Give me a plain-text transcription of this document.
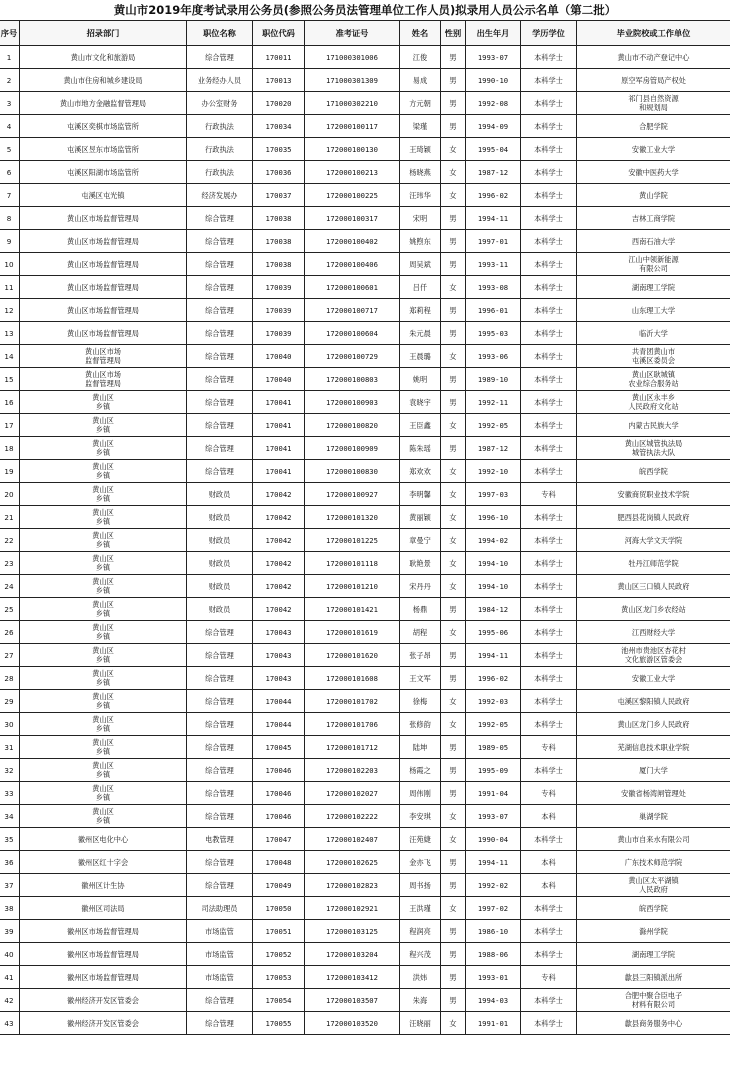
黄山市2019年度考试录用公务员(参照公务员法管理单位工作人员)拟录用人员公示名单（第二批）
序号	招录部门	职位名称	职位代码	准考证号	姓名	性别	出生年月	学历学位	毕业院校或工作单位
1	黄山市文化和旅游局	综合管理	170011	171000301006	江俊	男	1993-07	本科学士	黄山市不动产登记中心
2	黄山市住房和城乡建设局	业务经办人员	170013	171000301309	易成	男	1990-10	本科学士	原空军房管局产权处
3	黄山市地方金融监督管理局	办公室财务	170020	171000302210	方元朝	男	1992-08	本科学士	祁门县自然资源
和规划局
4	屯溪区奕棋市场监管所	行政执法	170034	172000100117	梁瑾	男	1994-09	本科学士	合肥学院
5	屯溪区昱东市场监管所	行政执法	170035	172000100130	王琦颖	女	1995-04	本科学士	安徽工业大学
6	屯溪区阳湖市场监管所	行政执法	170036	172000100213	杨晓燕	女	1987-12	本科学士	安徽中医药大学
7	屯溪区屯光镇	经济发展办	170037	172000100225	汪玮华	女	1996-02	本科学士	黄山学院
8	黄山区市场监督管理局	综合管理	170038	172000100317	宋明	男	1994-11	本科学士	吉林工商学院
9	黄山区市场监督管理局	综合管理	170038	172000100402	姚煦东	男	1997-01	本科学士	西南石油大学
10	黄山区市场监督管理局	综合管理	170038	172000100406	周吴斌	男	1993-11	本科学士	江山中领新能源
有限公司
11	黄山区市场监督管理局	综合管理	170039	172000100601	吕仟	女	1993-08	本科学士	湖南理工学院
12	黄山区市场监督管理局	综合管理	170039	172000100717	郑莉程	男	1996-01	本科学士	山东理工大学
13	黄山区市场监督管理局	综合管理	170039	172000100604	朱元晨	男	1995-03	本科学士	临沂大学
14	黄山区市场
监督管理局	综合管理	170040	172000100729	王晨璐	女	1993-06	本科学士	共青团黄山市
屯溪区委员会
15	黄山区市场
监督管理局	综合管理	170040	172000100803	姚明	男	1989-10	本科学士	黄山区耿城镇
农业综合服务站
16	黄山区
乡镇	综合管理	170041	172000100903	袁晓宇	男	1992-11	本科学士	黄山区永丰乡
人民政府文化站
17	黄山区
乡镇	综合管理	170041	172000100820	王臣鑫	女	1992-05	本科学士	内蒙古民族大学
18	黄山区
乡镇	综合管理	170041	172000100909	陈朱瑶	男	1987-12	本科学士	黄山区城管执法局
城管执法大队
19	黄山区
乡镇	综合管理	170041	172000100830	郑欢欢	女	1992-10	本科学士	皖西学院
20	黄山区
乡镇	财政员	170042	172000100927	李明馨	女	1997-03	专科	安徽商贸职业技术学院
21	黄山区
乡镇	财政员	170042	172000101320	黄丽颖	女	1996-10	本科学士	肥西县花岗镇人民政府
22	黄山区
乡镇	财政员	170042	172000101225	章曼宁	女	1994-02	本科学士	河海大学文天学院
23	黄山区
乡镇	财政员	170042	172000101118	耿艳景	女	1994-10	本科学士	牡丹江师范学院
24	黄山区
乡镇	财政员	170042	172000101210	宋丹丹	女	1994-10	本科学士	黄山区三口镇人民政府
25	黄山区
乡镇	财政员	170042	172000101421	杨鼎	男	1984-12	本科学士	黄山区龙门乡农经站
26	黄山区
乡镇	综合管理	170043	172000101619	胡程	女	1995-06	本科学士	江西财经大学
27	黄山区
乡镇	综合管理	170043	172000101620	张子昂	男	1994-11	本科学士	池州市贵池区杏花村
文化旅游区管委会
28	黄山区
乡镇	综合管理	170043	172000101608	王文军	男	1996-02	本科学士	安徽工业大学
29	黄山区
乡镇	综合管理	170044	172000101702	徐梅	女	1992-03	本科学士	屯溪区黎阳镇人民政府
30	黄山区
乡镇	综合管理	170044	172000101706	张修韵	女	1992-05	本科学士	黄山区龙门乡人民政府
31	黄山区
乡镇	综合管理	170045	172000101712	陆坤	男	1989-05	专科	芜湖信息技术职业学院
32	黄山区
乡镇	综合管理	170046	172000102203	杨霞之	男	1995-09	本科学士	厦门大学
33	黄山区
乡镇	综合管理	170046	172000102027	周伟刚	男	1991-04	专科	安徽省杨湾闸管理处
34	黄山区
乡镇	综合管理	170046	172000102222	李安琪	女	1993-07	本科	巢湖学院
35	徽州区电化中心	电教管理	170047	172000102407	汪苑婕	女	1990-04	本科学士	黄山市自来水有限公司
36	徽州区红十字会	综合管理	170048	172000102625	金亦飞	男	1994-11	本科	广东技术师范学院
37	徽州区计生协	综合管理	170049	172000102823	周书扬	男	1992-02	本科	黄山区太平湖镇
人民政府
38	徽州区司法局	司法助理员	170050	172000102921	王洪瑾	女	1997-02	本科学士	皖西学院
39	徽州区市场监督管理局	市场监管	170051	172000103125	程润亮	男	1986-10	本科学士	滁州学院
40	徽州区市场监督管理局	市场监管	170052	172000103204	程兴茂	男	1988-06	本科学士	湖南理工学院
41	徽州区市场监督管理局	市场监管	170053	172000103412	洪炜	男	1993-01	专科	歙县三阳镇派出所
42	徽州经济开发区管委会	综合管理	170054	172000103507	朱海	男	1994-03	本科学士	合肥中聚合臣电子
材料有限公司
43	徽州经济开发区管委会	综合管理	170055	172000103520	汪晓丽	女	1991-01	本科学士	歙县商务服务中心
